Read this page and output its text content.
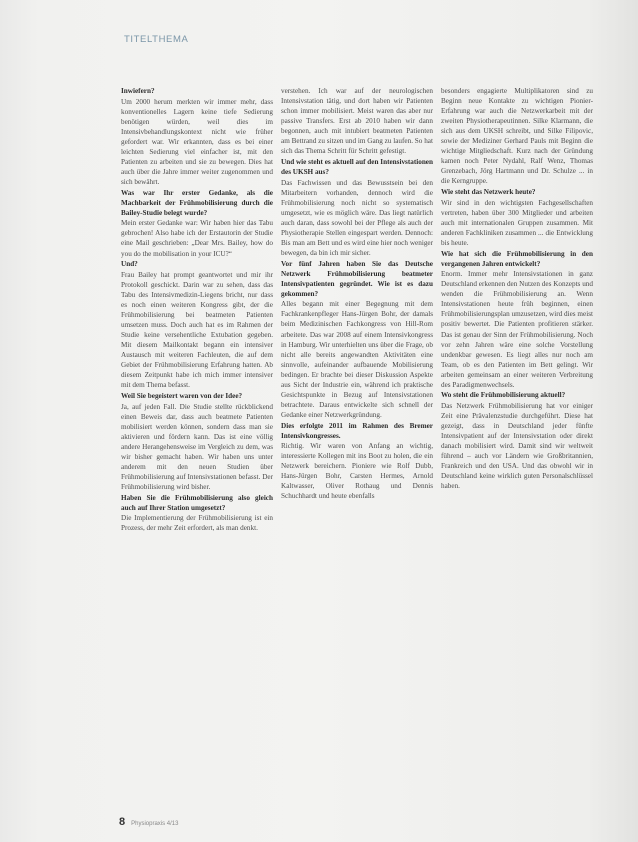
TITELTHEMA

Inwiefern?

Um 2000 herum merkten wir immer mehr, dass konventionelles Lagern keine tiefe Sedierung benötigen würden, weil dies im Intensivbehandlungskontext nicht wie früher gefordert war. Wir erkannten, dass es bei einer leichten Sedierung viel einfacher ist, mit den Patienten zu arbeiten und sie zu bewegen. Dies hat auch über die Jahre immer weiter zugenommen und sich bewährt.

Was war Ihr erster Gedanke, als die Machbarkeit der Frühmobilisierung durch die Bailey-Studie belegt wurde?

Mein erster Gedanke war: Wir haben hier das Tabu gebrochen! Also habe ich der Erstautorin der Studie eine Mail geschrieben: „Dear Mrs. Bailey, how do you do the mobilisation in your ICU?“

Und?

Frau Bailey hat prompt geantwortet und mir ihr Protokoll geschickt. Darin war zu sehen, dass das Tabu des Intensivmedizin-Liegens bricht, nur dass es noch einen weiteren Kongress gibt, der die Frühmobilisierung bei beatmeten Patienten umsetzen muss. Doch auch hat es im Rahmen der Studie keine versehentliche Extubation gegeben. Mit diesem Mailkontakt begann ein intensiver Austausch mit weiteren Fachleuten, die auf dem Gebiet der Frühmobilisierung Erfahrung hatten. Ab diesem Zeitpunkt habe ich mich immer intensiver mit dem Thema befasst.

Weil Sie begeistert waren von der Idee?

Ja, auf jeden Fall. Die Studie stellte rückblickend einen Beweis dar, dass auch beatmete Patienten mobilisiert werden können, sondern dass man sie aktivieren und fördern kann. Das ist eine völlig andere Herangehensweise im Vergleich zu dem, was wir bisher gemacht haben. Wir haben uns unter anderem mit den neuen Studien über Frühmobilisierung auf Intensivstationen befasst. Der Frühmobilisierung wird bisher.

Haben Sie die Frühmobilisierung also gleich auch auf Ihrer Station umgesetzt?

Die Implementierung der Frühmobilisierung ist ein Prozess, der mehr Zeit erfordert, als man denkt.

verstehen. Ich war auf der neurologischen Intensivstation tätig, und dort haben wir Patienten schon immer mobilisiert. Meist waren das aber nur passive Transfers. Erst ab 2010 haben wir dann begonnen, auch mit intubiert beatmeten Patienten am Bettrand zu sitzen und im Gang zu laufen. So hat sich das Thema Schritt für Schritt gefestigt.

Und wie steht es aktuell auf den Intensivstationen des UKSH aus?

Das Fachwissen und das Bewusstsein bei den Mitarbeitern vorhanden, dennoch wird die Frühmobilisierung noch nicht so systematisch umgesetzt, wie es möglich wäre. Das liegt natürlich auch daran, dass sowohl bei der Pflege als auch der Physiotherapie Stellen eingespart werden. Dennoch: Bis man am Bett und es wird eine hier noch weniger bewegen, da bin ich mir sicher.

Vor fünf Jahren haben Sie das Deutsche Netzwerk Frühmobilisierung beatmeter Intensivpatienten gegründet. Wie ist es dazu gekommen?

Alles begann mit einer Begegnung mit dem Fachkrankenpfleger Hans-Jürgen Bohr, der damals beim Medizinischen Fachkongress von Hill-Rom arbeitete. Das war 2008 auf einem Intensivkongress in Hamburg. Wir unterhielten uns über die Frage, ob nicht alle bereits angewandten Aktivitäten eine sinnvolle, aufeinander aufbauende Mobilisierung bedingen. Er brachte bei dieser Diskussion Aspekte aus Sicht der Industrie ein, während ich praktische Gesichtspunkte in Bezug auf Intensivstationen betrachtete. Daraus entwickelte sich schnell der Gedanke einer Netzwerkgründung.

Dies erfolgte 2011 im Rahmen des Bremer Intensivkongresses.

Richtig. Wir waren von Anfang an wichtig, interessierte Kollegen mit ins Boot zu holen, die ein Netzwerk bereichern. Pioniere wie Rolf Dubb, Hans-Jürgen Bohr, Carsten Hermes, Arnold Kaltwasser, Oliver Rothaug und Dennis Schuchhardt und heute ebenfalls

besonders engagierte Multiplikatoren sind zu Beginn neue Kontakte zu wichtigen Pionier-Erfahrung war auch die Netzwerkarbeit mit der zweiten Physiotherapeutinnen. Silke Klarmann, die sich aus dem UKSH schreibt, und Silke Filipovic, sowie der Mediziner Gerhard Pauls mit Beginn die wichtige Mitgliedschaft. Kurz nach der Gründung kamen noch Peter Nydahl, Ralf Wenz, Thomas Grenzebach, Jörg Hartmann und Dr. Schulze ... in die Kerngruppe.

Wie steht das Netzwerk heute?

Wir sind in den wichtigsten Fachgesellschaften vertreten, haben über 300 Mitglieder und arbeiten auch mit internationalen Gruppen zusammen. Mit anderen Fachkliniken zusammen ... die Entwicklung bis heute.

Wie hat sich die Frühmobilisierung in den vergangenen Jahren entwickelt?

Enorm. Immer mehr Intensivstationen in ganz Deutschland erkennen den Nutzen des Konzepts und wenden die Frühmobilisierung an. Wenn Intensivstationen heute früh beginnen, einen Frühmobilisierungsplan umzusetzen, wird dies meist positiv bewertet. Die Patienten profitieren stärker. Das ist genau der Sinn der Frühmobilisierung. Noch vor zehn Jahren wäre eine solche Vorstellung undenkbar gewesen. Es liegt alles nur noch am Team, ob es den Patienten im Bett gelingt. Wir arbeiten gemeinsam an einer weiteren Verbreitung des Paradigmenwechsels.

Wo steht die Frühmobilisierung aktuell?

Das Netzwerk Frühmobilisierung hat vor einiger Zeit eine Prävalenzstudie durchgeführt. Diese hat gezeigt, dass in Deutschland jeder fünfte Intensivpatient auf der Intensivstation oder direkt danach mobilisiert wird. Damit sind wir weltweit führend – auch vor Ländern wie Großbritannien, Frankreich und den USA. Und das obwohl wir in Deutschland keine wirklich guten Personalschlüssel haben.

8 Physiopraxis 4/13
